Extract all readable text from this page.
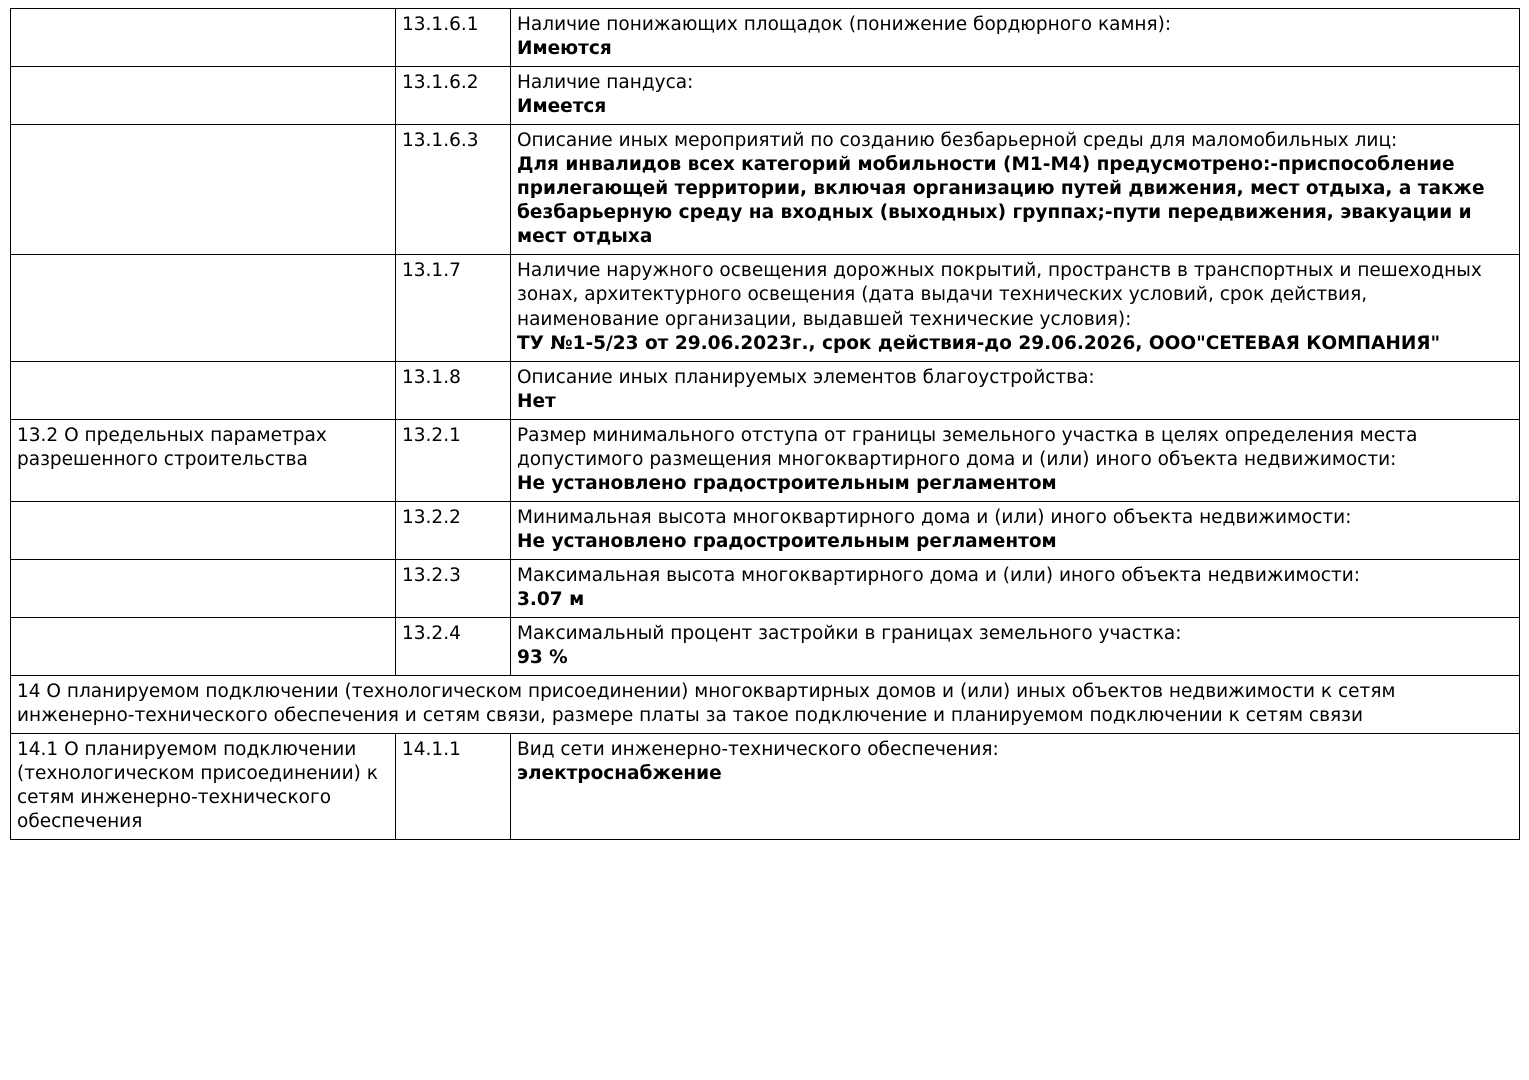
	13.1.6.1	Наличие понижающих площадок (понижение бордюрного камня):
Имеются

	13.1.6.2	Наличие пандуса:
Имеется

	13.1.6.3	Описание иных мероприятий по созданию безбарьерной среды для маломобильных лиц:
Для инвалидов всех категорий мобильности (М1-М4) предусмотрено:-приспособление прилегающей территории, включая организацию путей движения, мест отдыха, а также безбарьерную среду на входных (выходных) группах;-пути передвижения, эвакуации и мест отдыха

	13.1.7	Наличие наружного освещения дорожных покрытий, пространств в транспортных и пешеходных зонах, архитектурного освещения (дата выдачи технических условий, срок действия, наименование организации, выдавшей технические условия):
ТУ №1-5/23 от 29.06.2023г., срок действия-до 29.06.2026, ООО"СЕТЕВАЯ КОМПАНИЯ"

	13.1.8	Описание иных планируемых элементов благоустройства:
Нет

13.2 О предельных параметрах разрешенного строительства	13.2.1	Размер минимального отступа от границы земельного участка в целях определения места допустимого размещения многоквартирного дома и (или) иного объекта недвижимости:
Не установлено градостроительным регламентом

	13.2.2	Минимальная высота многоквартирного дома и (или) иного объекта недвижимости:
Не установлено градостроительным регламентом

	13.2.3	Максимальная высота многоквартирного дома и (или) иного объекта недвижимости:
3.07 м

	13.2.4	Максимальный процент застройки в границах земельного участка:
93 %

14 О планируемом подключении (технологическом присоединении) многоквартирных домов и (или) иных объектов недвижимости к сетям инженерно-технического обеспечения и сетям связи, размере платы за такое подключение и планируемом подключении к сетям связи		
14.1 О планируемом подключении (технологическом присоединении) к сетям инженерно-технического обеспечения	14.1.1	Вид сети инженерно-технического обеспечения:
электроснабжение
